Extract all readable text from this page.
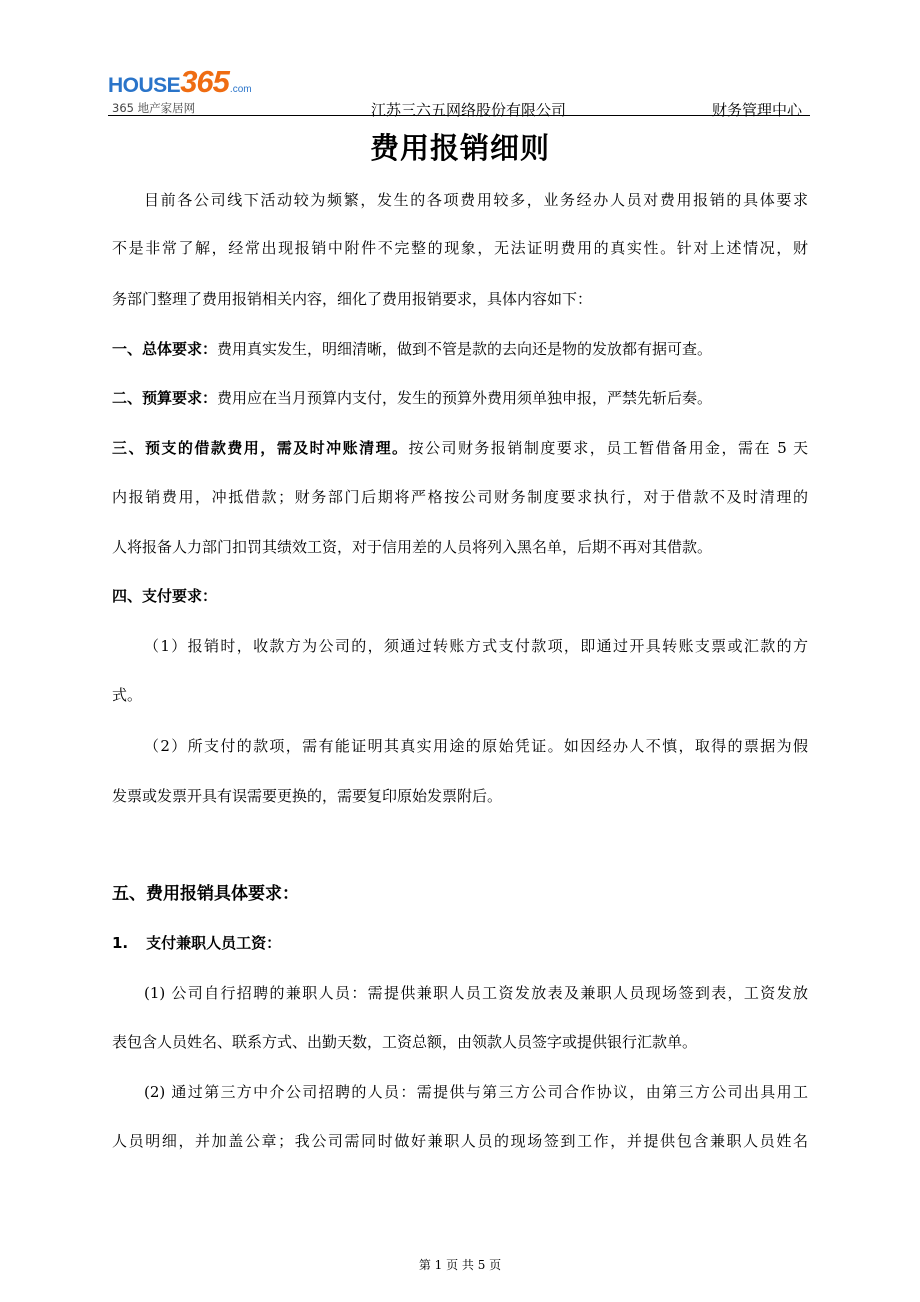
HOUSE365.com
365 地产家居网	江苏三六五网络股份有限公司	财务管理中心
费用报销细则
目前各公司线下活动较为频繁，发生的各项费用较多，业务经办人员对费用报销的具体要求
不是非常了解，经常出现报销中附件不完整的现象，无法证明费用的真实性。针对上述情况，财
务部门整理了费用报销相关内容，细化了费用报销要求，具体内容如下：
一、总体要求：费用真实发生，明细清晰，做到不管是款的去向还是物的发放都有据可查。
二、预算要求：费用应在当月预算内支付，发生的预算外费用须单独申报，严禁先斩后奏。
三、预支的借款费用，需及时冲账清理。按公司财务报销制度要求，员工暂借备用金，需在 5 天
内报销费用，冲抵借款；财务部门后期将严格按公司财务制度要求执行，对于借款不及时清理的
人将报备人力部门扣罚其绩效工资，对于信用差的人员将列入黑名单，后期不再对其借款。
四、支付要求：
（1）报销时，收款方为公司的，须通过转账方式支付款项，即通过开具转账支票或汇款的方
式。
（2）所支付的款项，需有能证明其真实用途的原始凭证。如因经办人不慎，取得的票据为假
发票或发票开具有误需要更换的，需要复印原始发票附后。
五、费用报销具体要求：
1. 支付兼职人员工资：
(1) 公司自行招聘的兼职人员：需提供兼职人员工资发放表及兼职人员现场签到表，工资发放
表包含人员姓名、联系方式、出勤天数，工资总额，由领款人员签字或提供银行汇款单。
(2) 通过第三方中介公司招聘的人员：需提供与第三方公司合作协议，由第三方公司出具用工
人员明细，并加盖公章；我公司需同时做好兼职人员的现场签到工作，并提供包含兼职人员姓名
第 1 页 共 5 页
